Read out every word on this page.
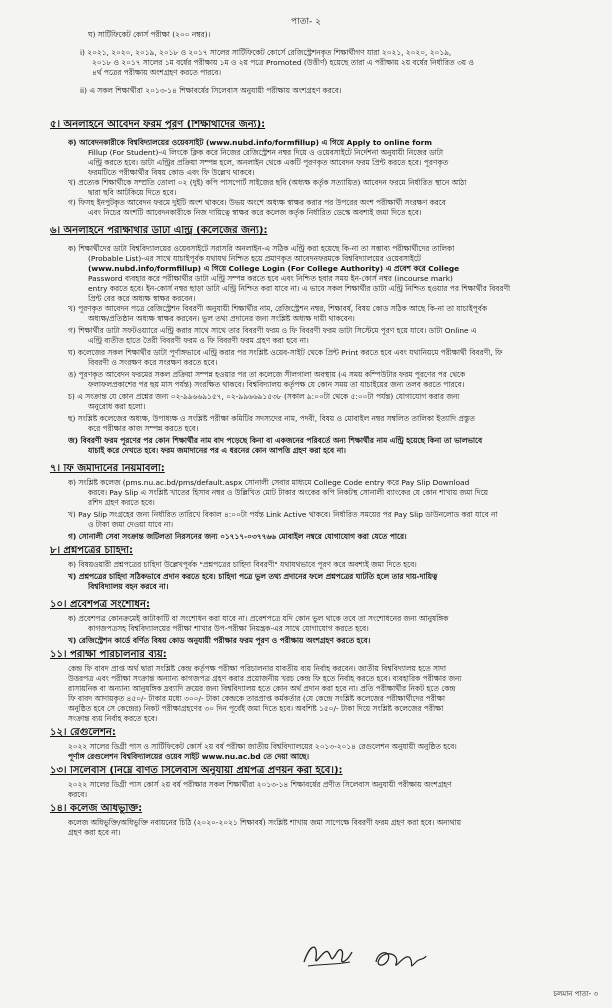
পাতা- ২
ঘ) সার্টিফিকেট কোর্স পরীক্ষা (২০০ নম্বর)।
i) ২০২১, ২০২০, ২০১৯, ২০১৮ ও ২০১৭ সালের সার্টিফিকেট কোর্সে রেজিস্ট্রেশনকৃত শিক্ষার্থীগণ যারা ২০২১, ২০২০, ২০১৯,
২০১৮ ও ২০১৭ সালের ১ম বর্ষের পরীক্ষায় ১ম ও ২য় পত্রে Promoted (উত্তীর্ণ) হয়েছে তারা এ পরীক্ষায় ২য় বর্ষের নির্ধারিত ৩য় ও
৪র্থ পত্রের পরীক্ষায় অংশগ্রহণ করতে পারবে।
ii) এ সকল শিক্ষার্থীরা ২০১৩-১৪ শিক্ষাবর্ষের সিলেবাস অনুযায়ী পরীক্ষায় অংশগ্রহণ করবে।
৫। অনলাইনে আবেদন ফরম পূরণ (শিক্ষার্থীদের জন্য):
ক) আবেদনকারীকে বিশ্ববিদ্যালয়ের ওয়েবসাইট (www.nubd.info/formfillup) এ গিয়ে Apply to online form
Fillup (For Student)-এ লিংকে ক্লিক করে নিজের রেজিস্ট্রেশন নম্বর দিয়ে ও ওয়েবসাইটে নির্দেশনা অনুযায়ী নিজের ডাটা
এন্ট্রি করতে হবে। ডাটা এন্ট্রির প্রক্রিয়া সম্পন্ন হলে, অনলাইন থেকে একটি পূরণকৃত আবেদন ফরম প্রিন্ট করতে হবে। পূরণকৃত
ফরমটিতে পরীক্ষার্থীর বিষয় কোড এবং ফি উল্লেখ থাকবে।
খ) প্রত্যেক শিক্ষার্থীকে সম্প্রতি তোলা ০২ (দুই) কপি পাসপোর্ট সাইজের ছবি (অধ্যক্ষ কর্তৃক সত্যায়িত) আবেদন ফরমে নির্ধারিত স্থানে আঠা
দ্বারা ছবি আটকিয়ে দিতে হবে।
গ) ফিসহ ইনপুটকৃত আবেদন ফরমে দুইটি অংশ থাকবে। উভয় অংশে অধ্যক্ষ স্বাক্ষর করার পর উপরের অংশ পরীক্ষার্থী সংরক্ষণ করবে
এবং নিচের অংশটি আবেদনকারীকে নিজ দায়িত্বে স্বাক্ষর করে কলেজ কর্তৃক নির্ধারিত ডেস্কে অবশ্যই জমা দিতে হবে।
৬। অনলাইনে পরীক্ষার্থীর ডাটা এন্ট্রি (কলেজের জন্য):
ক) শিক্ষার্থীদের ডাটা বিশ্ববিদ্যালয়ের ওয়েবসাইটে সরাসরি অনলাইন-এ সঠিক এন্ট্রি করা হয়েছে কি-না তা সম্ভাব্য পরীক্ষার্থীদের তালিকা
(Probable List)-এর সাথে যাচাইপূর্বক যথাযথ নিশ্চিত হয়ে প্রমাণকৃত আবেদনফরমকে বিশ্ববিদ্যালয়ের ওয়েবসাইটে
(www.nubd.info/formfillup) এ গিয়ে College Login (For College Authority) এ প্রবেশ করে College
Password ব্যবহার করে পরীক্ষার্থীর ডাটা এন্ট্রি সম্পন্ন করতে হবে এবং নিশ্চিত হবার সময় ইন-কোর্স নম্বর (incourse mark)
entry করতে হবে। ইন-কোর্স নম্বর ছাড়া ডাটা এন্ট্রি নিশ্চিত করা যাবে না। এ ভাবে সকল শিক্ষার্থীর ডাটা এন্ট্রি নিশ্চিত হওয়ার পর শিক্ষার্থীর বিবরণী
প্রিন্ট বের করে অধ্যক্ষ স্বাক্ষর করবেন।
খ) পূরণকৃত আবেদন পত্রে রেজিস্ট্রেশন বিবরণী অনুযায়ী শিক্ষার্থীর নাম, রেজিস্ট্রেশন নম্বর, শিক্ষাবর্ষ, বিষয় কোড সঠিক আছে কি-না তা যাচাইপূর্বক
অধ্যক্ষ/প্রতিষ্ঠান অধ্যক্ষ স্বাক্ষর করবেন। ভুল তথ্য প্রদানের জন্য সংশ্লিষ্ট অধ্যক্ষ দায়ী থাকবেন।
গ) শিক্ষার্থীর ডাটা সফটওয়্যারে এন্ট্রি করার সাথে সাথে তার বিবরণী ফরম ও ফি বিবরণী ফরম ডাটা সিস্টেমে পূরণ হয়ে যাবে। ডাটা Online এ
এন্ট্রি ব্যতীত হাতে তৈরী বিবরণী ফরম ও ফি বিবরণী ফরম গ্রহণ করা হবে না।
ঘ) কলেজের সকল শিক্ষার্থীর ডাটা পূর্ণাঙ্গভাবে এন্ট্রি করার পর সংশ্লিষ্ট ওয়েব-সাইট থেকে প্রিন্ট Print করতে হবে এবং যথানিয়মে পরীক্ষার্থী বিবরণী, ফি
বিবরণী ও সংরক্ষণ করে সংরক্ষণ করতে হবে।
ঙ) পূরণকৃত আবেদন ফরমের সকল প্রক্রিয়া সম্পন্ন হওয়ার পর তা কলেজে সীলগালা অবস্থায় (এ সময় কম্পিউটার ফরম পূরণের পর থেকে
ফলাফলপ্রকাশের পর ছয় মাস পর্যন্ত) সংরক্ষিত থাকবে। বিশ্ববিদ্যালয় কর্তৃপক্ষ যে কোন সময় তা যাচাইয়ের জন্য তলব করতে পারবে।
চ) এ সংক্রান্ত যে কোন প্রশ্নের জন্য ০২-৯৯৬৬৯১৫৭, ০২-৯৯৬৬৯১৫৩৮ (সকাল ৯:০০টা থেকে ৫:০০টা পর্যন্ত) যোগাযোগ করার জন্য
অনুরোধ করা হলো।
ছ) সংশ্লিষ্ট কলেজের অধ্যক্ষ, উপাধ্যক্ষ ও সংশ্লিষ্ট পরীক্ষা কমিটির সদস্যদের নাম, পদবী, বিষয় ও মোবাইল নম্বর সম্বলিত তালিকা ইত্যাদি প্রস্তুত
করে পরীক্ষার কাজ সম্পন্ন করতে হবে।
জ) বিবরণী ফরম পূরণের পর কোন শিক্ষার্থীর নাম বাদ পড়েছে কিনা বা একজনের পরিবর্তে অন্য শিক্ষার্থীর নাম এন্ট্রি হয়েছে কিনা তা ভালভাবে
যাচাই করে দেখতে হবে। ফরম জমাদানের পর এ ধরনের কোন আপত্তি গ্রহণ করা হবে না।
৭। ফি জমাদানের নিয়মাবলী:
ক) সংশ্লিষ্ট কলেজ (pms.nu.ac.bd/pms/default.aspx সোনালী সেবার মাধ্যমে College Code entry করে Pay Slip Download
করবে। Pay Slip এ সংশ্লিষ্ট খাতের হিসাব নম্বর ও উল্লিখিত মোট টাকার অংকের কপি নিকটস্থ সোনালী ব্যাংকের যে কোন শাখায় জমা দিয়ে
রশিদ গ্রহণ করতে হবে।
খ) Pay Slip সংগ্রহের জন্য নির্ধারিত তারিখে বিকাল ৪:০০টা পর্যন্ত Link Active থাকবে। নির্ধারিত সময়ের পর Pay Slip ডাউনলোড করা যাবে না
ও টাকা জমা দেওয়া যাবে না।
গ) সোনালী সেবা সংক্রান্ত জটিলতা নিরসনের জন্য ০১৭১৭-০৩৭৭৬৬ মোবাইল নম্বরে যোগাযোগ করা যেতে পারে।
৮। প্রশ্নপত্রের চাহিদা:
ক) বিষয়ওয়ারী প্রশ্নপত্রের চাহিদা উল্লেখপূর্বক "প্রশ্নপত্রের চাহিদা বিবরণী" যথাযথভাবে পূরণ করে অবশ্যই জমা দিতে হবে।
খ) প্রশ্নপত্রের চাহিদা সঠিকভাবে প্রদান করতে হবে। চাহিদা পত্রে ভুল তথ্য প্রদানের ফলে প্রশ্নপত্রের ঘাটতি হলে তার দায়-দায়িত্ব
বিশ্ববিদ্যালয় বহন করবে না।
১০। প্রবেশপত্র সংশোধন:
ক) প্রবেশপত্র কোনক্রমেই কাটাকাটি বা সংশোধন করা যাবে না। প্রবেশপত্রে যদি কোন ভুল থাকে তবে তা সংশোধনের জন্য আনুষঙ্গিক
কাগজপত্রসহ বিশ্ববিদ্যালয়ের পরীক্ষা শাখার উপ-পরীক্ষা নিয়ন্ত্রক-এর সাথে যোগাযোগ করতে হবে।
খ) রেজিস্ট্রেশন কার্ডে বর্ণিত বিষয় কোড অনুযায়ী পরীক্ষার ফরম পূরণ ও পরীক্ষায় অংশগ্রহণ করতে হবে।
১১। পরীক্ষা পরিচালনার ব্যয়:
কেন্দ্র ফি বাবদ প্রাপ্ত অর্থ দ্বারা সংশ্লিষ্ট কেন্দ্র কর্তৃপক্ষ পরীক্ষা পরিচালনার যাবতীয় ব্যয় নির্বাহ করবেন। জাতীয় বিশ্ববিদ্যালয় হতে সাদা
উত্তরপত্র এবং পরীক্ষা সংক্রান্ত অন্যান্য কাগজপত্র গ্রহণ করার প্রয়োজনীয় খরচ কেন্দ্র ফি হতে নির্বাহ করতে হবে। ব্যবহারিক পরীক্ষার জন্য
রাসায়নিক বা অন্যান্য আনুষঙ্গিক দ্রব্যাদি ক্রয়ের জন্য বিশ্ববিদ্যালয় হতে কোন অর্থ প্রদান করা হবে না। প্রতি পরীক্ষার্থীর নিকট হতে কেন্দ্র
ফি বাবদ আদায়কৃত ৪৫০/- টাকার মধ্যে ৩০০/- টাকা কেন্দ্রকে তারপ্রাপ্ত কর্মকর্তার (যে কেন্দ্রে সংশ্লিষ্ট কলেজের পরীক্ষার্থীদের পরীক্ষা
অনুষ্ঠিত হবে সে কেন্দ্রের) নিকট পরীক্ষাগ্রহণের ৩০ দিন পূর্বেই জমা দিতে হবে। অবশিষ্ট ১৫০/- টাকা দিয়ে সংশ্লিষ্ট কলেজের পরীক্ষা
সংক্রান্ত ব্যয় নির্বাহ করতে হবে।
১২। রেগুলেশন:
২০২২ সালের ডিগ্রী পাস ও সার্টিফিকেট কোর্স ২য় বর্ষ পরীক্ষা জাতীয় বিশ্ববিদ্যালয়ের ২০১৩-২০১৪ রেগুলেশন অনুযায়ী অনুষ্ঠিত হবে।
পূর্ণাঙ্গ রেগুলেশন বিশ্ববিদ্যালয়ের ওয়েব সাইট www.nu.ac.bd তে দেয়া আছে।
১৩। সিলেবাস (নিম্নে বর্ণিত সিলেবাস অনুযায়ী প্রশ্নপত্র প্রণয়ন করা হবে।):
২০২২ সালের ডিগ্রী পাস কোর্স ২য় বর্ষ পরীক্ষার সকল শিক্ষার্থীরা ২০১৩-১৪ শিক্ষাবর্ষের প্রণীত সিলেবাস অনুযায়ী পরীক্ষায় অংশগ্রহণ
করবে।
১৪। কলেজ অধিভুক্তি:
কলেজ অধিভুক্তি/অধিভুক্তি নবায়নের চিঠি (২০২০-২০২১ শিক্ষাবর্ষ) সংশ্লিষ্ট শাখায় জমা সাপেক্ষে বিবরণী ফরম গ্রহণ করা হবে। অন্যথায়
গ্রহণ করা হবে না।
চলমান পাতা- ৩
